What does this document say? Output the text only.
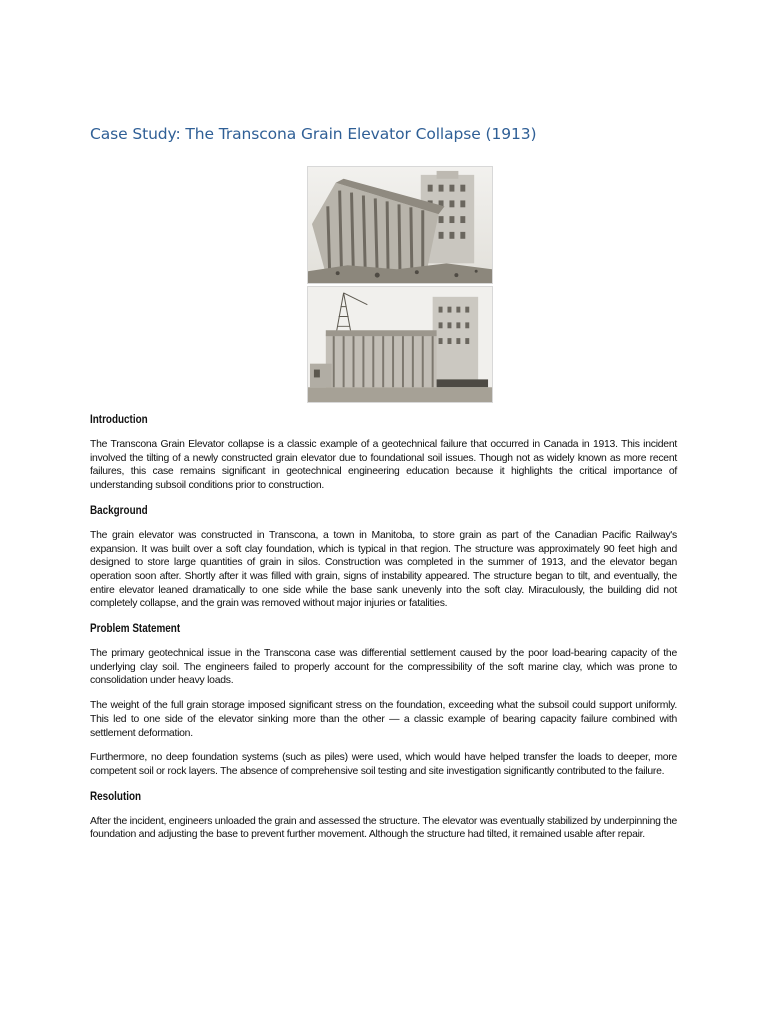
Case Study: The Transcona Grain Elevator Collapse (1913)
Introduction

The Transcona Grain Elevator collapse is a classic example of a geotechnical failure that occurred in Canada in 1913. This incident involved the tilting of a newly constructed grain elevator due to foundational soil issues. Though not as widely known as more recent failures, this case remains significant in geotechnical engineering education because it highlights the critical importance of understanding subsoil conditions prior to construction.

Background

The grain elevator was constructed in Transcona, a town in Manitoba, to store grain as part of the Canadian Pacific Railway's expansion. It was built over a soft clay foundation, which is typical in that region. The structure was approximately 90 feet high and designed to store large quantities of grain in silos. Construction was completed in the summer of 1913, and the elevator began operation soon after. Shortly after it was filled with grain, signs of instability appeared. The structure began to tilt, and eventually, the entire elevator leaned dramatically to one side while the base sank unevenly into the soft clay. Miraculously, the building did not completely collapse, and the grain was removed without major injuries or fatalities.

Problem Statement

The primary geotechnical issue in the Transcona case was differential settlement caused by the poor load-bearing capacity of the underlying clay soil. The engineers failed to properly account for the compressibility of the soft marine clay, which was prone to consolidation under heavy loads.

The weight of the full grain storage imposed significant stress on the foundation, exceeding what the subsoil could support uniformly. This led to one side of the elevator sinking more than the other — a classic example of bearing capacity failure combined with settlement deformation.

Furthermore, no deep foundation systems (such as piles) were used, which would have helped transfer the loads to deeper, more competent soil or rock layers. The absence of comprehensive soil testing and site investigation significantly contributed to the failure.

Resolution

After the incident, engineers unloaded the grain and assessed the structure. The elevator was eventually stabilized by underpinning the foundation and adjusting the base to prevent further movement. Although the structure had tilted, it remained usable after repair.
